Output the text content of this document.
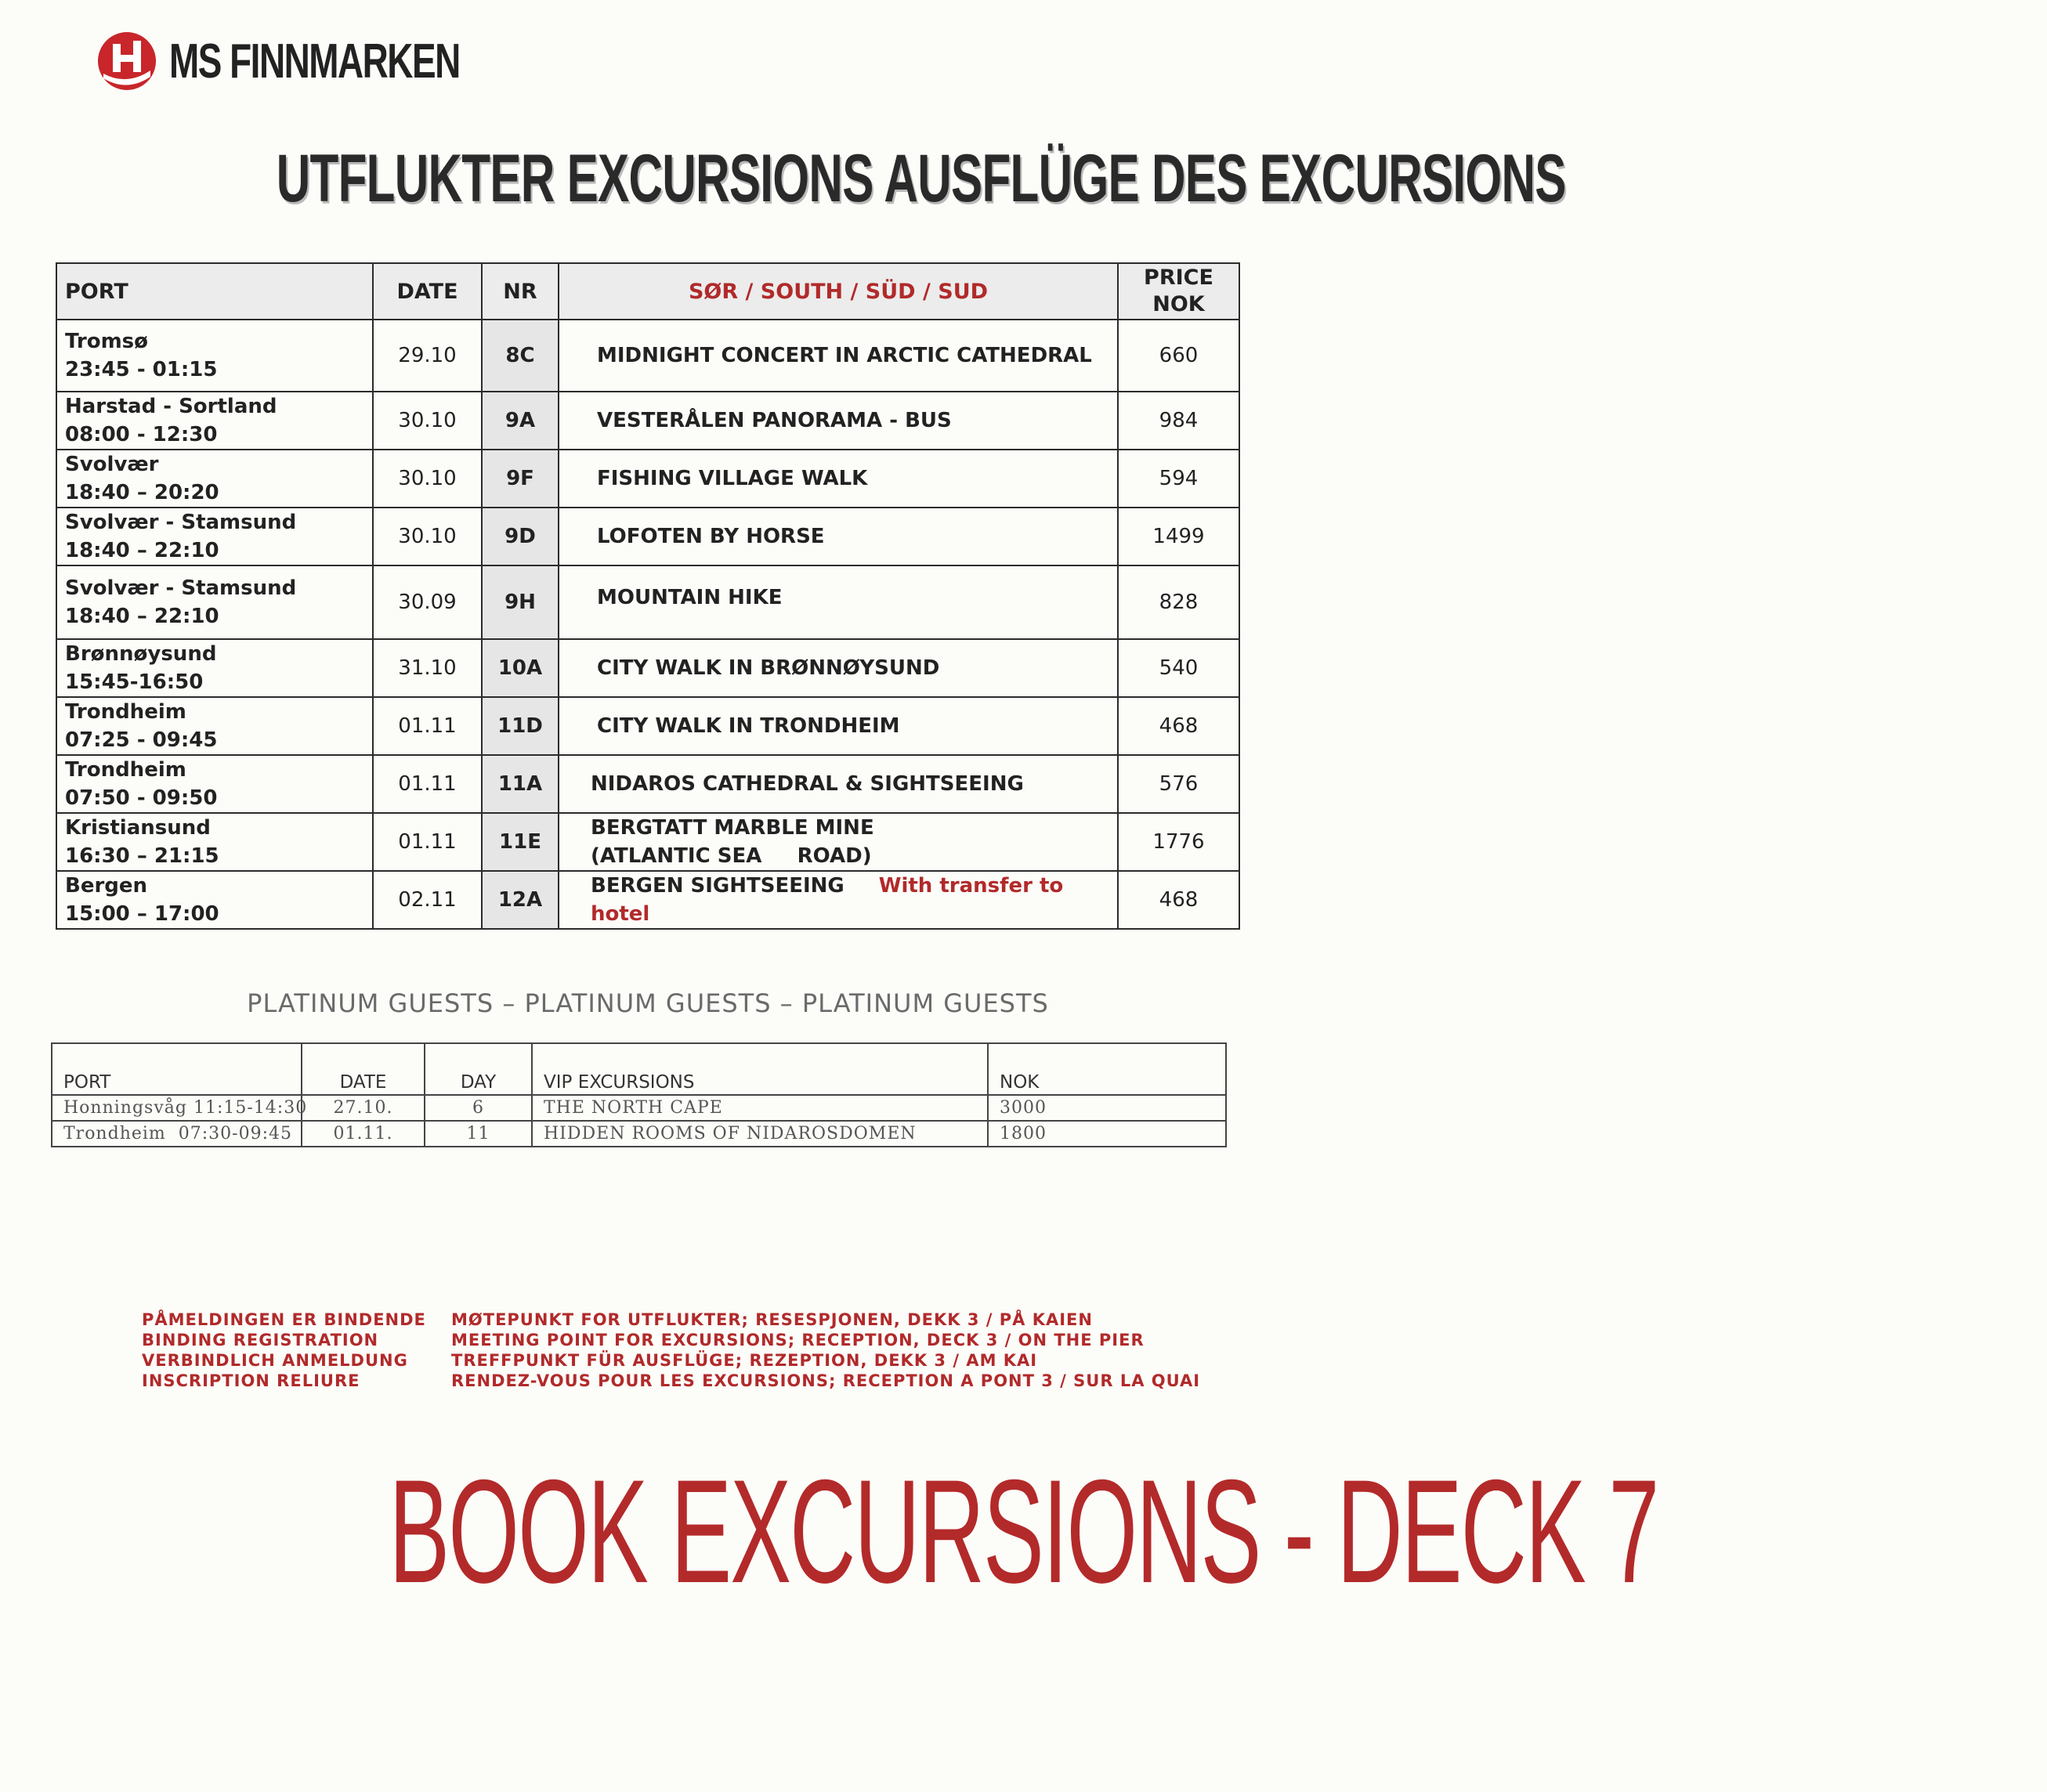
MS FINNMARKEN
UTFLUKTER EXCURSIONS AUSFLÜGE DES EXCURSIONS
PORT	DATE	NR	SØR / SOUTH / SÜD / SUD	PRICE
NOK

Tromsø
23:45 - 01:15	29.10	8C	MIDNIGHT CONCERT IN ARCTIC CATHEDRAL	660

Harstad - Sortland
08:00 - 12:30	30.10	9A	VESTERÅLEN PANORAMA - BUS	984

Svolvær
18:40 – 20:20	30.10	9F	FISHING VILLAGE WALK	594

Svolvær - Stamsund
18:40 – 22:10	30.10	9D	LOFOTEN BY HORSE	1499

Svolvær - Stamsund
18:40 – 22:10	30.09	9H	MOUNTAIN HIKE	828

Brønnøysund
15:45-16:50	31.10	10A	CITY WALK IN BRØNNØYSUND	540

Trondheim
07:25 - 09:45	01.11	11D	CITY WALK IN TRONDHEIM	468

Trondheim
07:50 - 09:50	01.11	11A	NIDAROS CATHEDRAL & SIGHTSEEING	576

Kristiansund
16:30 – 21:15	01.11	11E	BERGTATT MARBLE MINE
(ATLANTIC SEA     ROAD)	1776

Bergen
15:00 – 17:00	02.11	12A	BERGEN SIGHTSEEING With transfer to hotel	468
PLATINUM GUESTS – PLATINUM GUESTS – PLATINUM GUESTS
PORT	DATE	DAY	VIP EXCURSIONS	NOK
Honningsvåg 11:15-14:30	27.10.	6	THE NORTH CAPE	3000
Trondheim  07:30-09:45	01.11.	11	HIDDEN ROOMS OF NIDAROSDOMEN	1800
PÅMELDINGEN ER BINDENDE
BINDING REGISTRATION
VERBINDLICH ANMELDUNG
INSCRIPTION RELIURE
MØTEPUNKT FOR UTFLUKTER; RESESPJONEN, DEKK 3 / PÅ KAIEN
MEETING POINT FOR EXCURSIONS; RECEPTION, DECK 3 / ON THE PIER
TREFFPUNKT FÜR AUSFLÜGE; REZEPTION, DEKK 3 / AM KAI
RENDEZ-VOUS POUR LES EXCURSIONS; RECEPTION A PONT 3 / SUR LA QUAI
BOOK EXCURSIONS - DECK 7
